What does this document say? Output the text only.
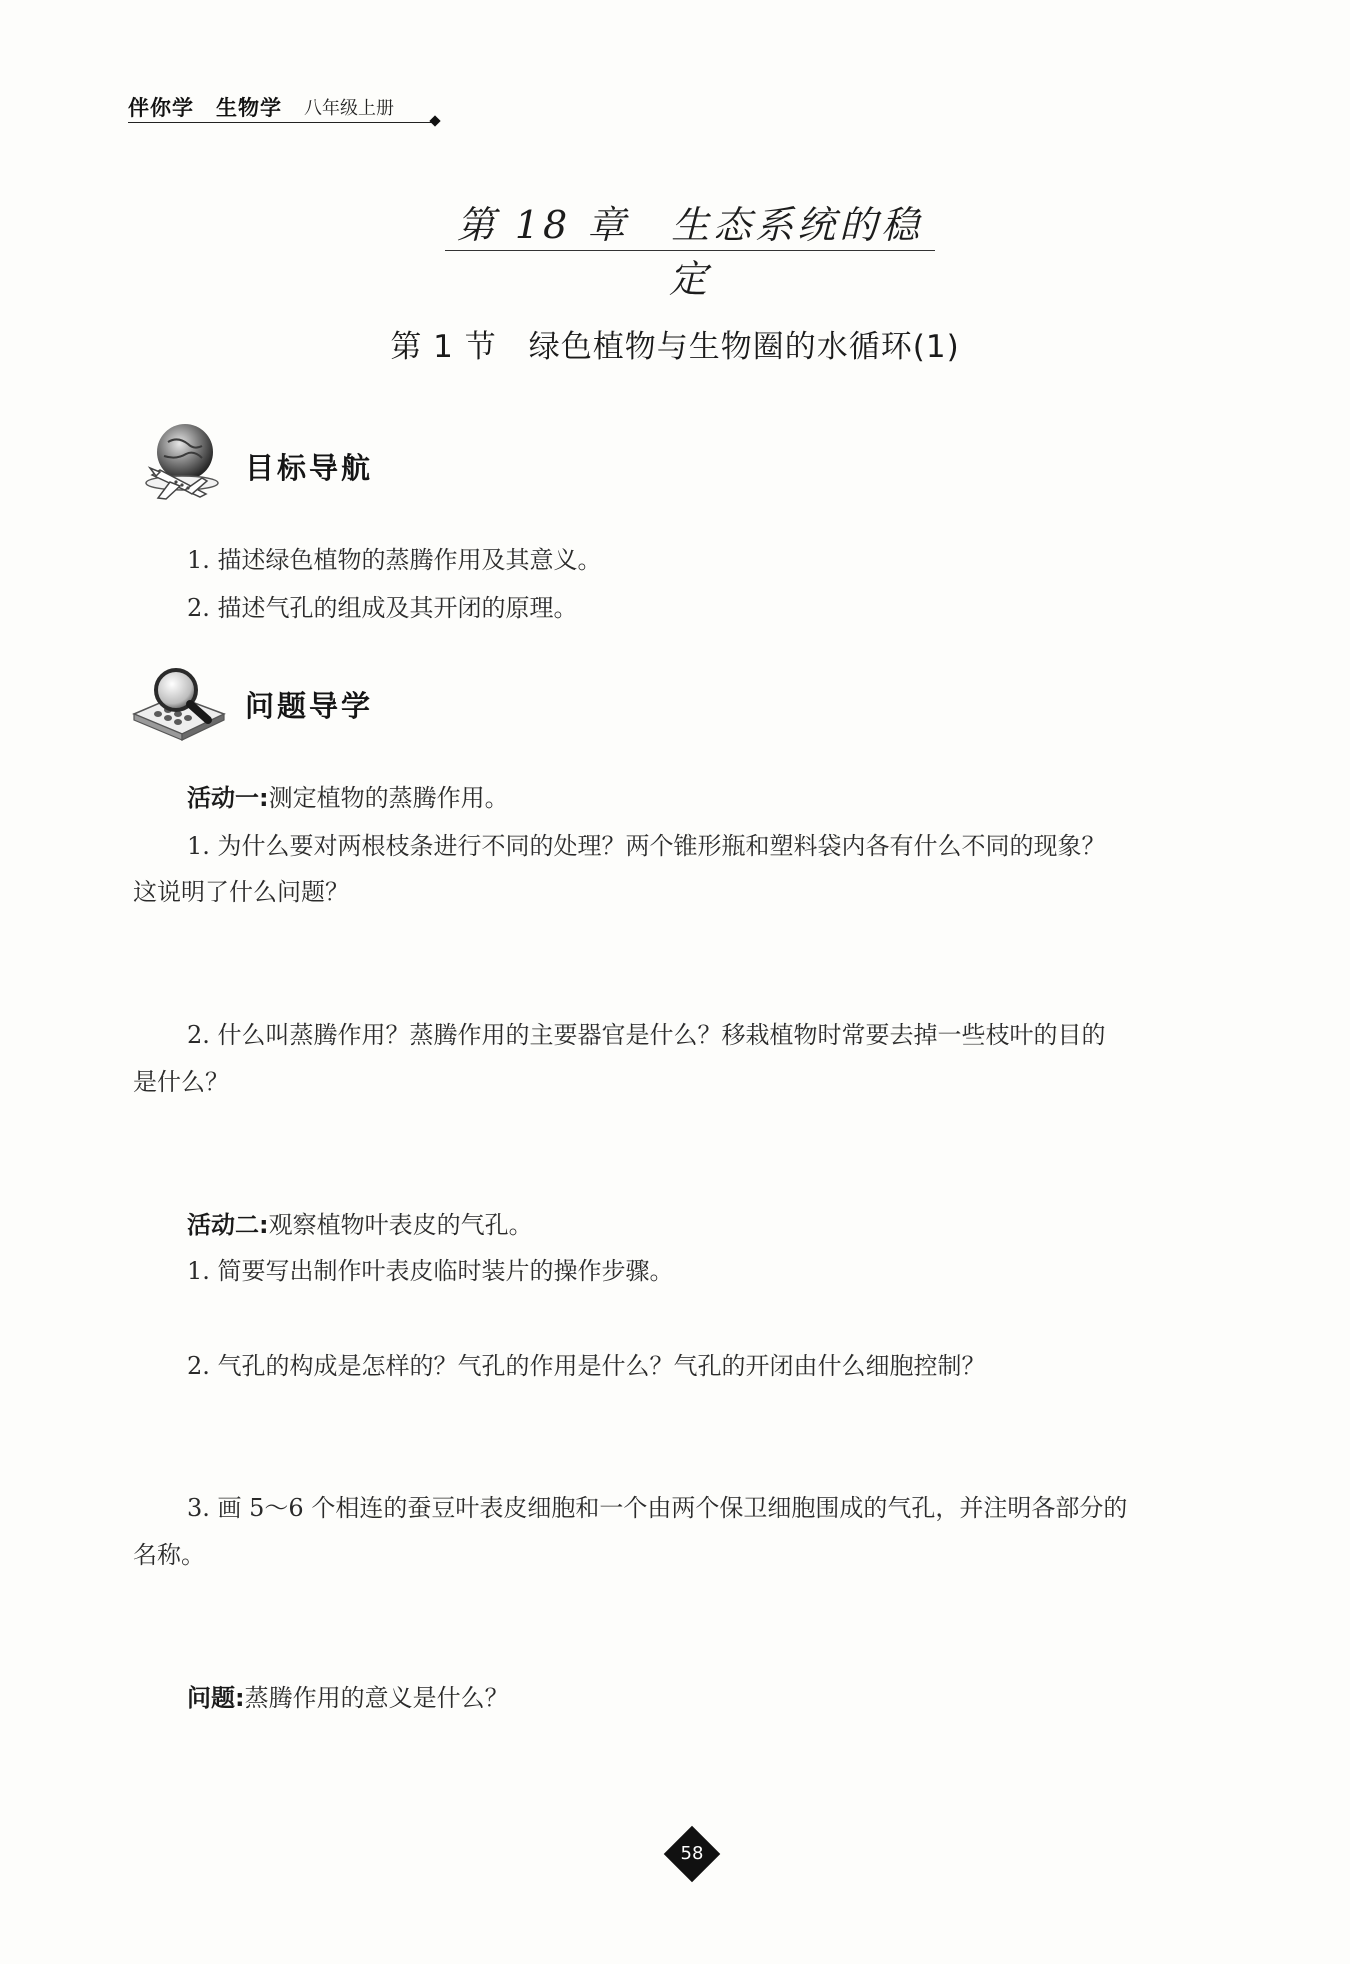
伴你学 生物学 八年级上册
第 18 章　生态系统的稳定
第 1 节　绿色植物与生物圈的水循环(1)
目标导航
1. 描述绿色植物的蒸腾作用及其意义。
2. 描述气孔的组成及其开闭的原理。
问题导学
活动一:测定植物的蒸腾作用。
1. 为什么要对两根枝条进行不同的处理？两个锥形瓶和塑料袋内各有什么不同的现象？
这说明了什么问题？
2. 什么叫蒸腾作用？蒸腾作用的主要器官是什么？移栽植物时常要去掉一些枝叶的目的
是什么？
活动二:观察植物叶表皮的气孔。
1. 简要写出制作叶表皮临时装片的操作步骤。
2. 气孔的构成是怎样的？气孔的作用是什么？气孔的开闭由什么细胞控制？
3. 画 5～6 个相连的蚕豆叶表皮细胞和一个由两个保卫细胞围成的气孔，并注明各部分的
名称。
问题:蒸腾作用的意义是什么？
58
